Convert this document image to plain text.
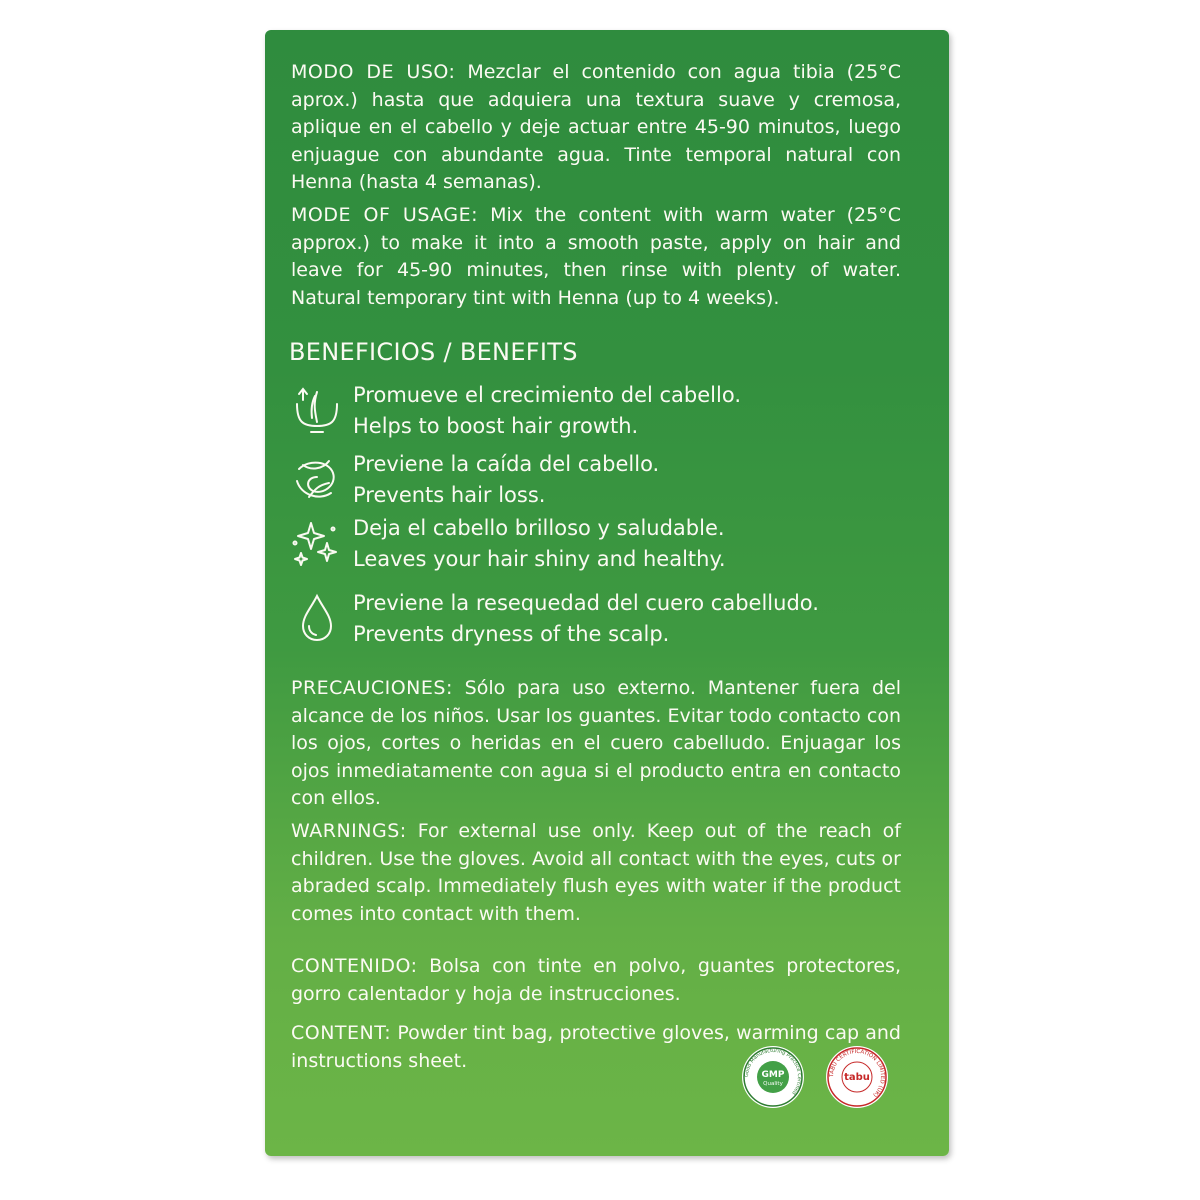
MODO DE USO: Mezclar el contenido con agua tibia (25°C aprox.) hasta que adquiera una textura suave y cremosa, aplique en el cabello y deje actuar entre 45-90 minutos, luego enjuague con abundante agua. Tinte temporal natural con Henna (hasta 4 semanas).
MODE OF USAGE: Mix the content with warm water (25°C approx.) to make it into a smooth paste, apply on hair and leave for 45-90 minutes, then rinse with plenty of water. Natural temporary tint with Henna (up to 4 weeks).
BENEFICIOS / BENEFITS
Promueve el crecimiento del cabello.
Helps to boost hair growth.
Previene la caída del cabello.
Prevents hair loss.
Deja el cabello brilloso y saludable.
Leaves your hair shiny and healthy.
Previene la resequedad del cuero cabelludo.
Prevents dryness of the scalp.
PRECAUCIONES: Sólo para uso externo. Mantener fuera del alcance de los niños. Usar los guantes. Evitar todo contacto con los ojos, cortes o heridas en el cuero cabelludo. Enjuagar los ojos inmediatamente con agua si el producto entra en contacto con ellos.
WARNINGS: For external use only. Keep out of the reach of children. Use the gloves. Avoid all contact with the eyes, cuts or abraded scalp. Immediately flush eyes with water if the product comes into contact with them.
CONTENIDO: Bolsa con tinte en polvo, guantes protectores, gorro calentador y hoja de instrucciones.
CONTENT: Powder tint bag, protective gloves, warming cap and instructions sheet.
Good Manufacturing Practice Certified
GMP
Quality
TABU CERTIFICATION LIMITED (UK)
tabu
